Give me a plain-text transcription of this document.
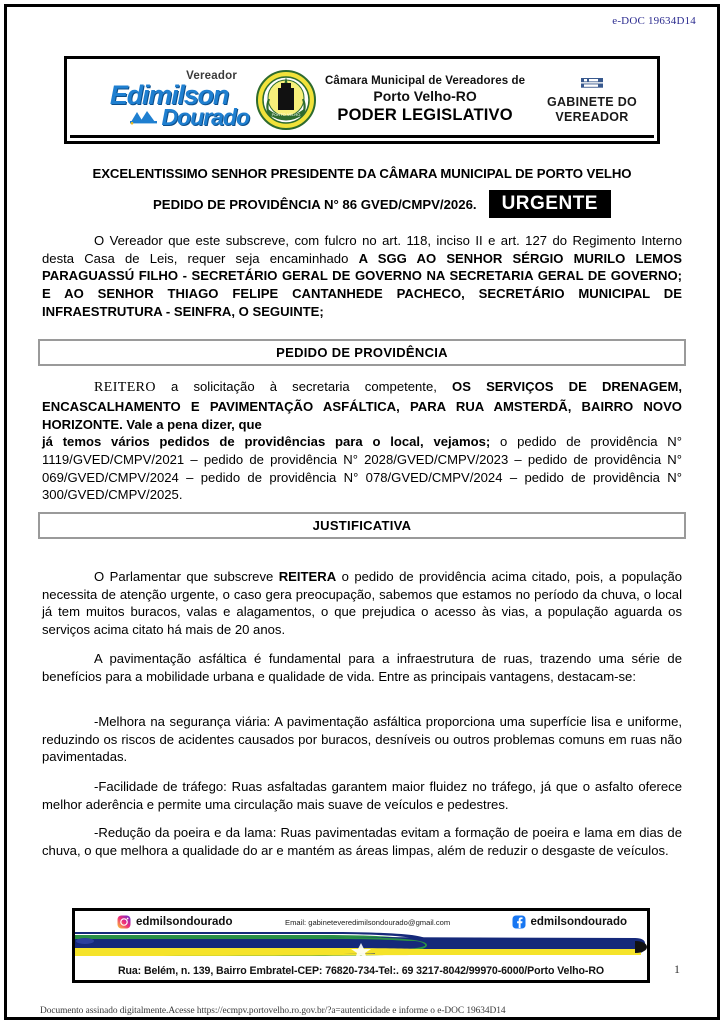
e-DOC 19634D14
Vereador
Edimilson
Dourado	PORTO VELHO
Câmara Municipal de Vereadores de
Porto Velho-RO
PODER LEGISLATIVO
GABINETE DO
VEREADOR
EXCELENTISSIMO SENHOR PRESIDENTE DA CÂMARA MUNICIPAL DE PORTO VELHO
PEDIDO DE PROVIDÊNCIA N° 86 GVED/CMPV/2026.	URGENTE
O Vereador que este subscreve, com fulcro no art. 118, inciso II e art. 127 do Regimento Interno desta Casa de Leis, requer seja encaminhado A SGG AO SENHOR SÉRGIO MURILO LEMOS PARAGUASSÚ FILHO - SECRETÁRIO GERAL DE GOVERNO NA SECRETARIA GERAL DE GOVERNO; E AO SENHOR THIAGO FELIPE CANTANHEDE PACHECO, SECRETÁRIO MUNICIPAL DE INFRAESTRUTURA - SEINFRA, O SEGUINTE;
PEDIDO DE PROVIDÊNCIA
REITERO a solicitação à secretaria competente, OS SERVIÇOS DE DRENAGEM, ENCASCALHAMENTO E PAVIMENTAÇÃO ASFÁLTICA, PARA RUA AMSTERDÃ, BAIRRO NOVO HORIZONTE. Vale a pena dizer, que
já temos vários pedidos de providências para o local, vejamos; o pedido de providência N° 1119/GVED/CMPV/2021 – pedido de providência N° 2028/GVED/CMPV/2023 – pedido de providência N° 069/GVED/CMPV/2024 – pedido de providência N° 078/GVED/CMPV/2024 – pedido de providência N° 300/GVED/CMPV/2025.
JUSTIFICATIVA
O Parlamentar que subscreve REITERA o pedido de providência acima citado, pois, a população necessita de atenção urgente, o caso gera preocupação, sabemos que estamos no período da chuva, o local já tem muitos buracos, valas e alagamentos, o que prejudica o acesso às vias, a população aguarda os serviços acima citato há mais de 20 anos.
A pavimentação asfáltica é fundamental para a infraestrutura de ruas, trazendo uma série de benefícios para a mobilidade urbana e qualidade de vida. Entre as principais vantagens, destacam-se:
-Melhora na segurança viária: A pavimentação asfáltica proporciona uma superfície lisa e uniforme, reduzindo os riscos de acidentes causados por buracos, desníveis ou outros problemas comuns em ruas não pavimentadas.
-Facilidade de tráfego: Ruas asfaltadas garantem maior fluidez no tráfego, já que o asfalto oferece melhor aderência e permite uma circulação mais suave de veículos e pedestres.
-Redução da poeira e da lama: Ruas pavimentadas evitam a formação de poeira e lama em dias de chuva, o que melhora a qualidade do ar e mantém as áreas limpas, além de reduzir o desgaste de veículos.
edmilsondourado	Email: gabineteveredimilsondourado@gmail.com	edmilsondourado
Rua: Belém, n. 139, Bairro Embratel-CEP: 76820-734-Tel:. 69 3217-8042/99970-6000/Porto Velho-RO	1
Documento assinado digitalmente.Acesse https://ecmpv.portovelho.ro.gov.br/?a=autenticidade e informe o e-DOC 19634D14
